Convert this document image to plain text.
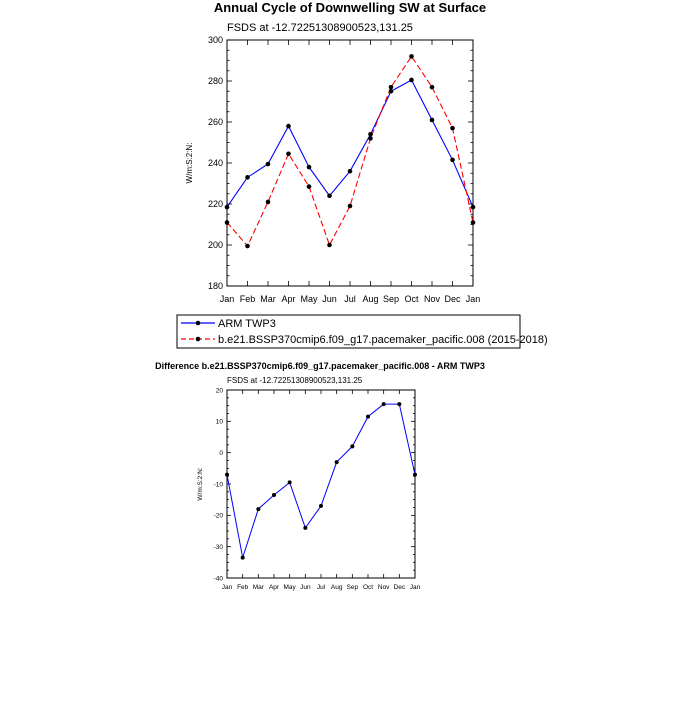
Annual Cycle of Downwelling SW at Surface
FSDS at -12.72251308900523,131.25
W/m:S:2:N:
180
200
220
240
260
280
300
Jan Feb Mar Apr May Jun Jul Aug Sep Oct Nov Dec Jan
ARM TWP3
b.e21.BSSP370cmip6.f09_g17.pacemaker_pacific.008 (2015-2018)
Difference b.e21.BSSP370cmip6.f09_g17.pacemaker_pacific.008 - ARM TWP3
FSDS at -12.72251308900523,131.25
W/m:S:2:N:
-40
-30
-20
-10
0
10
20
Jan Feb Mar Apr May Jun Jul Aug Sep Oct Nov Dec Jan
